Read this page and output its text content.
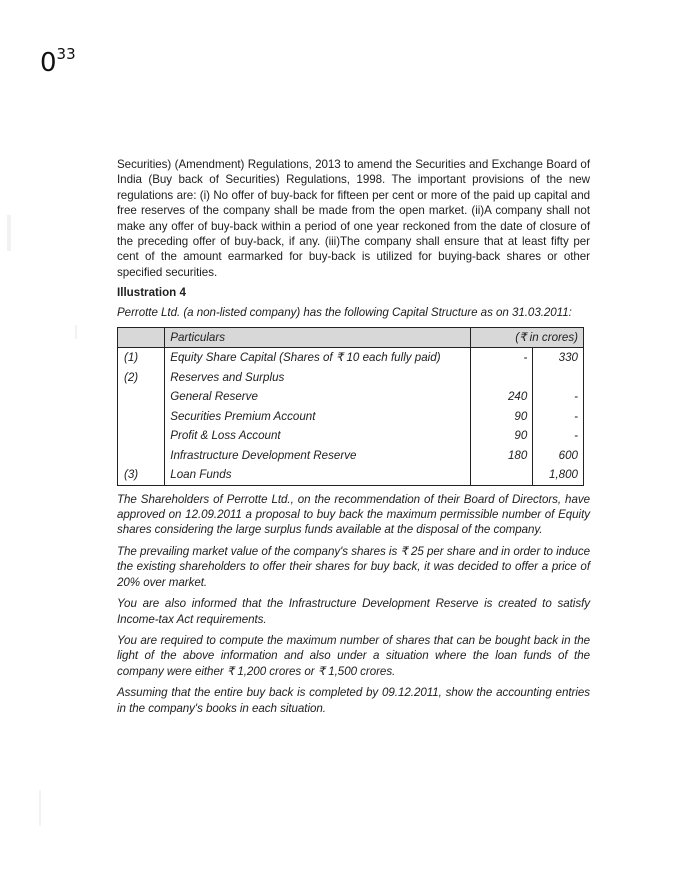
$0^{33}$

Securities) (Amendment) Regulations, 2013 to amend the Securities and Exchange Board of India (Buy back of Securities) Regulations, 1998. The important provisions of the new regulations are: (i) No offer of buy-back for fifteen per cent or more of the paid up capital and free reserves of the company shall be made from the open market. (ii)A company shall not make any offer of buy-back within a period of one year reckoned from the date of closure of the preceding offer of buy-back, if any. (iii)The company shall ensure that at least fifty per cent of the amount earmarked for buy-back is utilized for buying-back shares or other specified securities.

Illustration 4

Perrotte Ltd. (a non-listed company) has the following Capital Structure as on 31.03.2011:

	Particulars	(₹ in crores)	
(1)	Equity Share Capital (Shares of ₹ 10 each fully paid)	-	330
(2)	Reserves and Surplus		
	General Reserve	240	-
	Securities Premium Account	90	-
	Profit & Loss Account	90	-
	Infrastructure Development Reserve	180	600
(3)	Loan Funds		1,800

The Shareholders of Perrotte Ltd., on the recommendation of their Board of Directors, have approved on 12.09.2011 a proposal to buy back the maximum permissible number of Equity shares considering the large surplus funds available at the disposal of the company.

The prevailing market value of the company's shares is ₹ 25 per share and in order to induce the existing shareholders to offer their shares for buy back, it was decided to offer a price of 20% over market.

You are also informed that the Infrastructure Development Reserve is created to satisfy Income-tax Act requirements.

You are required to compute the maximum number of shares that can be bought back in the light of the above information and also under a situation where the loan funds of the company were either ₹ 1,200 crores or ₹ 1,500 crores.

Assuming that the entire buy back is completed by 09.12.2011, show the accounting entries in the company's books in each situation.
